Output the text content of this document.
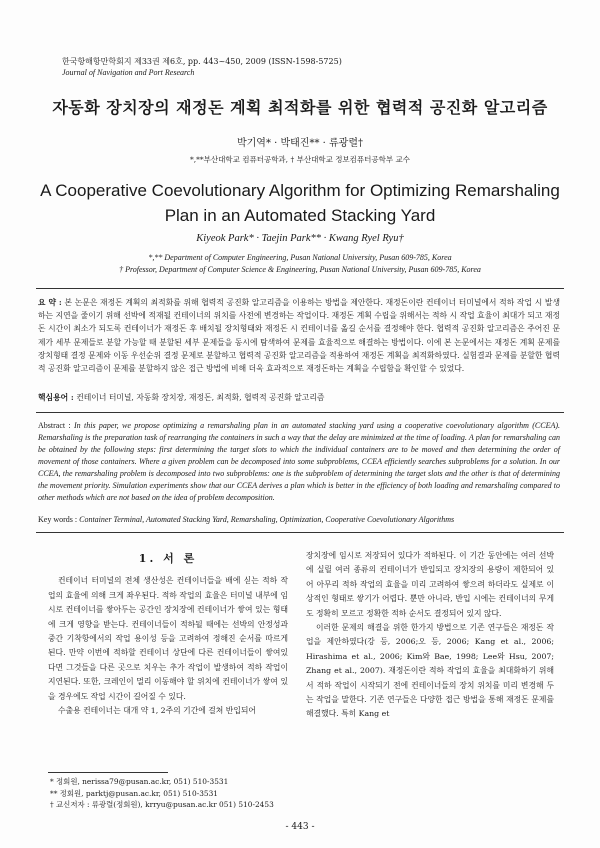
한국항해항만학회지 제33권 제6호, pp. 443~450, 2009 (ISSN-1598-5725)
Journal of Navigation and Port Research
자동화 장치장의 재정돈 계획 최적화를 위한 협력적 공진화 알고리즘
박기역* · 박태진** · 류광렬†
*,**부산대학교 컴퓨터공학과, † 부산대학교 정보컴퓨터공학부 교수
A Cooperative Coevolutionary Algorithm for Optimizing Remarshaling
Plan in an Automated Stacking Yard
Kiyeok Park* · Taejin Park** · Kwang Ryel Ryu†
*,** Department of Computer Engineering, Pusan National University, Pusan 609-785, Korea
† Professor, Department of Computer Science & Engineering, Pusan National University, Pusan 609-785, Korea
요 약 : 본 논문은 재정돈 계획의 최적화를 위해 협력적 공진화 알고리즘을 이용하는 방법을 제안한다. 재정돈이란 컨테이너 터미널에서 적하 작업 시 발생하는 지연을 줄이기 위해 선박에 적재될 컨테이너의 위치를 사전에 변경하는 작업이다. 재정돈 계획 수립을 위해서는 적하 시 작업 효율이 최대가 되고 재정돈 시간이 최소가 되도록 컨테이너가 재정돈 후 배치될 장치형태와 재정돈 시 컨테이너를 옮길 순서를 결정해야 한다. 협력적 공진화 알고리즘은 주어진 문제가 세부 문제들로 분할 가능할 때 분할된 세부 문제들을 동시에 탐색하여 문제를 효율적으로 해결하는 방법이다. 이에 본 논문에서는 재정돈 계획 문제를 장치형태 결정 문제와 이동 우선순위 결정 문제로 분할하고 협력적 공진화 알고리즘을 적용하여 재정돈 계획을 최적화하였다. 실험결과 문제를 분할한 협력적 공진화 알고리즘이 문제를 분할하지 않은 접근 방법에 비해 더욱 효과적으로 재정돈하는 계획을 수립함을 확인할 수 있었다.
핵심용어 : 컨테이너 터미널, 자동화 장치장, 재정돈, 최적화, 협력적 공진화 알고리즘
Abstract : In this paper, we propose optimizing a remarshaling plan in an automated stacking yard using a cooperative coevolutionary algorithm (CCEA). Remarshaling is the preparation task of rearranging the containers in such a way that the delay are minimized at the time of loading. A plan for remarshaling can be obtained by the following steps: first determining the target slots to which the individual containers are to be moved and then determining the order of movement of those containers. Where a given problem can be decomposed into some subproblems, CCEA efficiently searches subproblems for a solution. In our CCEA, the remarshaling problem is decomposed into two subproblems: one is the subproblem of determining the target slots and the other is that of determining the movement priority. Simulation experiments show that our CCEA derives a plan which is better in the efficiency of both loading and remarshaling compared to other methods which are not based on the idea of problem decomposition.
Key words : Container Terminal, Automated Stacking Yard, Remarshaling, Optimization, Cooperative Coevolutionary Algorithms
1. 서 론

컨테이너 터미널의 전체 생산성은 컨테이너들을 배에 싣는 적하 작업의 효율에 의해 크게 좌우된다. 적하 작업의 효율은 터미널 내부에 임시로 컨테이너를 쌓아두는 공간인 장치장에 컨테이너가 쌓여 있는 형태에 크게 영향을 받는다. 컨테이너들이 적하될 때에는 선박의 안정성과 중간 기착항에서의 작업 용이성 등을 고려하여 정해진 순서를 따르게 된다. 만약 이번에 적하할 컨테이너 상단에 다른 컨테이너들이 쌓여있다면 그것들을 다른 곳으로 치우는 추가 작업이 발생하여 적하 작업이 지연된다. 또한, 크레인이 멀리 이동해야 할 위치에 컨테이너가 쌓여 있을 경우에도 작업 시간이 길어질 수 있다.

수출용 컨테이너는 대개 약 1, 2주의 기간에 걸쳐 반입되어

장치장에 임시로 저장되어 있다가 적하된다. 이 기간 동안에는 여러 선박에 실릴 여러 종류의 컨테이너가 반입되고 장치장의 용량이 제한되어 있어 아무리 적하 작업의 효율을 미리 고려하여 쌓으려 하더라도 실제로 이상적인 형태로 쌓기가 어렵다. 뿐만 아니라, 반입 시에는 컨테이너의 무게도 정확히 모르고 정확한 적하 순서도 결정되어 있지 않다.

이러한 문제의 해결을 위한 한가지 방법으로 기존 연구들은 재정돈 작업을 제안하였다(강 등, 2006;오 등, 2006; Kang et al., 2006; Hirashima et al., 2006; Kim와 Bae, 1998; Lee와 Hsu, 2007; Zhang et al., 2007). 재정돈이란 적하 작업의 효율을 최대화하기 위해서 적하 작업이 시작되기 전에 컨테이너들의 장치 위치를 미리 변경해 두는 작업을 말한다. 기존 연구들은 다양한 접근 방법을 통해 재정돈 문제를 해결했다. 특히 Kang et

* 정회원, nerissa79@pusan.ac.kr, 051) 510-3531
** 정회원, parktj@pusan.ac.kr, 051) 510-3531
† 교신저자 : 류광렬(정회원), krryu@pusan.ac.kr 051) 510-2453
- 443 -
